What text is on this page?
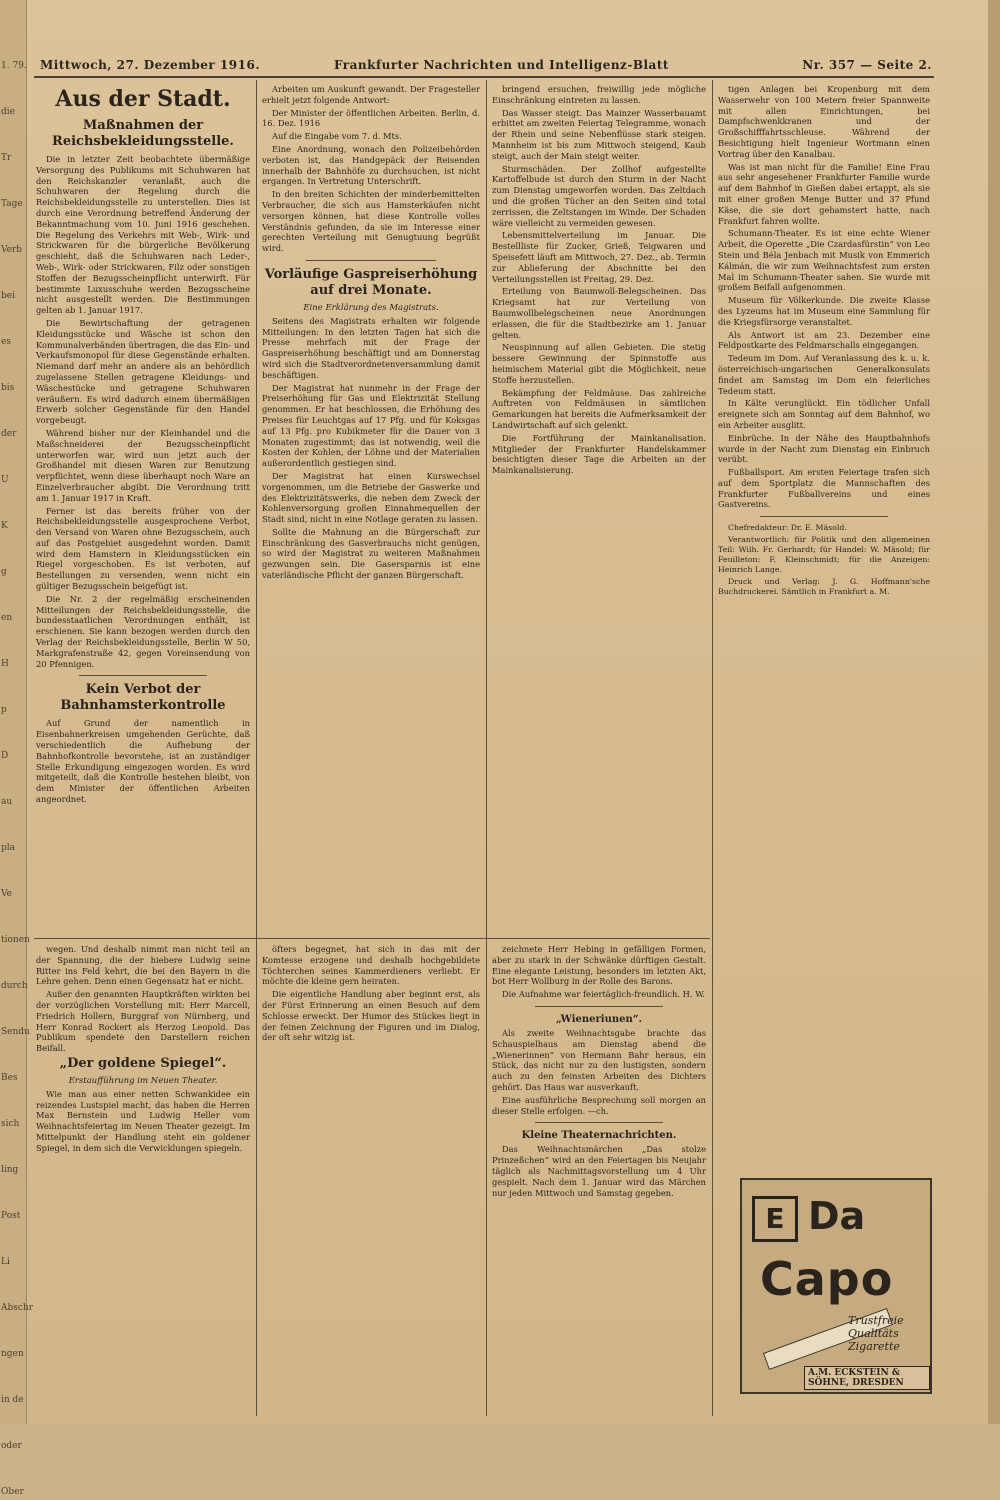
1. 79.
die
Tr
Tage
Verb
bei
es
bis
der
U
K
g
en
H
p
D
au
pla
Ve
tionen
durch
Sendu
Bes
sich
ling
Post
Li
Abschr
ngen
in de
oder
Ober
Mittwoch, 27. Dezember 1916.	Frankfurter Nachrichten und Intelligenz-Blatt	Nr. 357 — Seite 2.
Aus der Stadt.
Maßnahmen der Reichsbekleidungsstelle.

Die in letzter Zeit beobachtete übermäßige Versorgung des Publikums mit Schuhwaren hat den Reichskanzler veranlaßt, auch die Schuhwaren der Regelung durch die Reichsbekleidungsstelle zu unterstellen. Dies ist durch eine Verordnung betreffend Änderung der Bekanntmachung vom 10. Juni 1916 geschehen. Die Regelung des Verkehrs mit Web-, Wirk- und Strickwaren für die bürgerliche Bevölkerung geschieht, daß die Schuhwaren nach Leder-, Web-, Wirk- oder Strickwaren, Filz oder sonstigen Stoffen der Bezugsscheinpflicht unterwirft. Für bestimmte Luxusschuhe werden Bezugsscheine nicht ausgestellt werden. Die Bestimmungen gelten ab 1. Januar 1917.

Die Bewirtschaftung der getragenen Kleidungsstücke und Wäsche ist schon den Kommunalverbänden übertragen, die das Ein- und Verkaufsmonopol für diese Gegenstände erhalten. Niemand darf mehr an andere als an behördlich zugelassene Stellen getragene Kleidungs- und Wäschestücke und getragene Schuhwaren veräußern. Es wird dadurch einem übermäßigen Erwerb solcher Gegenstände für den Handel vorgebeugt.

Während bisher nur der Kleinhandel und die Maßschneiderei der Bezugsscheinpflicht unterworfen war, wird nun jetzt auch der Großhandel mit diesen Waren zur Benutzung verpflichtet, wenn diese überhaupt noch Ware an Einzelverbraucher abgibt. Die Verordnung tritt am 1. Januar 1917 in Kraft.

Ferner ist das bereits früher von der Reichsbekleidungsstelle ausgesprochene Verbot, den Versand von Waren ohne Bezugsschein, auch auf das Postgebiet ausgedehnt worden. Damit wird dem Hamstern in Kleidungsstücken ein Riegel vorgeschoben. Es ist verboten, auf Bestellungen zu versenden, wenn nicht ein gültiger Bezugsschein beigefügt ist.

Die Nr. 2 der regelmäßig erscheinenden Mitteilungen der Reichsbekleidungsstelle, die bundesstaatlichen Verordnungen enthält, ist erschienen. Sie kann bezogen werden durch den Verlag der Reichsbekleidungsstelle, Berlin W 50, Markgrafenstraße 42, gegen Voreinsendung von 20 Pfennigen.

Kein Verbot der Bahnhamsterkontrolle

Auf Grund der namentlich in Eisenbahnerkreisen umgehenden Gerüchte, daß verschiedentlich die Aufhebung der Bahnhofkontrolle bevorstehe, ist an zuständiger Stelle Erkundigung eingezogen worden. Es wird mitgeteilt, daß die Kontrolle bestehen bleibt, von dem Minister der öffentlichen Arbeiten angeordnet.

Arbeiten um Auskunft gewandt. Der Fragesteller erhielt jetzt folgende Antwort:

Der Minister der öffentlichen Arbeiten. Berlin, d. 16. Dez. 1916

Auf die Eingabe vom 7. d. Mts.

Eine Anordnung, wonach den Polizeibehörden verboten ist, das Handgepäck der Reisenden innerhalb der Bahnhöfe zu durchsuchen, ist nicht ergangen. In Vertretung Unterschrift.

In den breiten Schichten der minderbemittelten Verbraucher, die sich aus Hamsterkäufen nicht versorgen können, hat diese Kontrolle volles Verständnis gefunden, da sie im Interesse einer gerechten Verteilung mit Genugtuung begrüßt wird.

Vorläufige Gaspreiserhöhung auf drei Monate.
Eine Erklärung des Magistrats.

Seitens des Magistrats erhalten wir folgende Mitteilungen: In den letzten Tagen hat sich die Presse mehrfach mit der Frage der Gaspreiserhöhung beschäftigt und am Donnerstag wird sich die Stadtverordnetenversammlung damit beschäftigen.

Der Magistrat hat nunmehr in der Frage der Preiserhöhung für Gas und Elektrizität Stellung genommen. Er hat beschlossen, die Erhöhung des Preises für Leuchtgas auf 17 Pfg. und für Koksgas auf 13 Pfg. pro Kubikmeter für die Dauer von 3 Monaten zugestimmt; das ist notwendig, weil die Kosten der Kohlen, der Löhne und der Materialien außerordentlich gestiegen sind.

Der Magistrat hat einen Kurswechsel vorgenommen, um die Betriebe der Gaswerke und des Elektrizitätswerks, die neben dem Zweck der Kohlenversorgung großen Einnahmequellen der Stadt sind, nicht in eine Notlage geraten zu lassen.

Sollte die Mahnung an die Bürgerschaft zur Einschränkung des Gasverbrauchs nicht genügen, so wird der Magistrat zu weiteren Maßnahmen gezwungen sein. Die Gasersparnis ist eine vaterländische Pflicht der ganzen Bürgerschaft.

bringend ersuchen, freiwillig jede mögliche Einschränkung eintreten zu lassen.

Das Wasser steigt. Das Mainzer Wasserbauamt erbittet am zweiten Feiertag Telegramme, wonach der Rhein und seine Nebenflüsse stark steigen. Mannheim ist bis zum Mittwoch steigend, Kaub steigt, auch der Main steigt weiter.

Sturmschäden. Der Zollhof aufgestellte Kartoffelbude ist durch den Sturm in der Nacht zum Dienstag umgeworfen worden. Das Zeltdach und die großen Tücher an den Seiten sind total zerrissen, die Zeltstangen im Winde. Der Schaden wäre vielleicht zu vermeiden gewesen.

Lebensmittelverteilung im Januar. Die Bestellliste für Zucker, Grieß, Teigwaren und Speisefett läuft am Mittwoch, 27. Dez., ab. Termin zur Ablieferung der Abschnitte bei den Verteilungsstellen ist Freitag, 29. Dez.

Erteilung von Baumwoll-Belegscheinen. Das Kriegsamt hat zur Verteilung von Baumwollbelegscheinen neue Anordnungen erlassen, die für die Stadtbezirke am 1. Januar gelten.

Neuspinnung auf allen Gebieten. Die stetig bessere Gewinnung der Spinnstoffe aus heimischem Material gibt die Möglichkeit, neue Stoffe herzustellen.

Bekämpfung der Feldmäuse. Das zahlreiche Auftreten von Feldmäusen in sämtlichen Gemarkungen hat bereits die Aufmerksamkeit der Landwirtschaft auf sich gelenkt.

Die Fortführung der Mainkanalisation. Mitglieder der Frankfurter Handelskammer besichtigten dieser Tage die Arbeiten an der Mainkanalisierung.

tigen Anlagen bei Kropenburg mit dem Wasserwehr von 100 Metern freier Spannweite mit allen Einrichtungen, bei Dampfschwenkkranen und der Großschifffahrtsschleuse. Während der Besichtigung hielt Ingenieur Wortmann einen Vortrag über den Kanalbau.

Was ist man nicht für die Familie! Eine Frau aus sehr angesehener Frankfurter Familie wurde auf dem Bahnhof in Gießen dabei ertappt, als sie mit einer großen Menge Butter und 37 Pfund Käse, die sie dort gehamstert hatte, nach Frankfurt fahren wollte.

Schumann-Theater. Es ist eine echte Wiener Arbeit, die Operette „Die Czardasfürstin“ von Leo Stein und Béla Jenbach mit Musik von Emmerich Kálmán, die wir zum Weihnachtsfest zum ersten Mal im Schumann-Theater sahen. Sie wurde mit großem Beifall aufgenommen.

Museum für Völkerkunde. Die zweite Klasse des Lyzeums hat im Museum eine Sammlung für die Kriegsfürsorge veranstaltet.

Als Antwort ist am 23. Dezember eine Feldpostkarte des Feldmarschalls eingegangen.

Tedeum im Dom. Auf Veranlassung des k. u. k. österreichisch-ungarischen Generalkonsulats findet am Samstag im Dom ein feierliches Tedeum statt.

In Kälte verunglückt. Ein tödlicher Unfall ereignete sich am Sonntag auf dem Bahnhof, wo ein Arbeiter ausglitt.

Einbrüche. In der Nähe des Hauptbahnhofs wurde in der Nacht zum Dienstag ein Einbruch verübt.

Fußballsport. Am ersten Feiertage trafen sich auf dem Sportplatz die Mannschaften des Frankfurter Fußballvereins und eines Gastvereins.

Chefredakteur: Dr. E. Mäsold.

Verantwortlich: für Politik und den allgemeinen Teil: Wilh. Fr. Gerhardt; für Handel: W. Mäsold; für Feuilleton: F. Kleinschmidt; für die Anzeigen: Heinrich Lange.

Druck und Verlag: J. G. Hoffmann'sche Buchdruckerei. Sämtlich in Frankfurt a. M.

wegen. Und deshalb nimmt man nicht teil an der Spannung, die der hiebere Ludwig seine Ritter ins Feld kehrt, die bei den Bayern in die Lehre gehen. Denn einen Gegensatz hat er nicht.

Außer den genannten Hauptkräften wirkten bei der vorzüglichen Vorstellung mit: Herr Marcell, Friedrich Hollern, Burggraf von Nürnberg, und Herr Konrad Rockert als Herzog Leopold. Das Publikum spendete den Darstellern reichen Beifall.

„Der goldene Spiegel“.
Erstaufführung im Neuen Theater.

Wie man aus einer netten Schwankidee ein reizendes Lustspiel macht, das haben die Herren Max Bernstein und Ludwig Heller vom Weihnachtsfeiertag im Neuen Theater gezeigt. Im Mittelpunkt der Handlung steht ein goldener Spiegel, in dem sich die Verwicklungen spiegeln.

öfters begegnet, hat sich in das mit der Komtesse erzogene und deshalb hochgebildete Töchterchen seines Kammerdieners verliebt. Er möchte die kleine gern heiraten.

Die eigentliche Handlung aber beginnt erst, als der Fürst Erinnerung an einen Besuch auf dem Schlosse erweckt. Der Humor des Stückes liegt in der feinen Zeichnung der Figuren und im Dialog, der oft sehr witzig ist.

zeichnete Herr Hebing in gefälligen Formen, aber zu stark in der Schwänke dürftigen Gestalt. Eine elegante Leistung, besonders im letzten Akt, bot Herr Wollburg in der Rolle des Barons.

Die Aufnahme war feiertäglich-freundlich. H. W.

„Wieneriunen“.

Als zweite Weihnachtsgabe brachte das Schauspielhaus am Dienstag abend die „Wienerinnen“ von Hermann Bahr heraus, ein Stück, das nicht nur zu den lustigsten, sondern auch zu den feinsten Arbeiten des Dichters gehört. Das Haus war ausverkauft.

Eine ausführliche Besprechung soll morgen an dieser Stelle erfolgen. —ch.

Kleine Theaternachrichten.

Das Weihnachtsmärchen „Das stolze Prinzeßchen“ wird an den Feiertagen bis Neujahr täglich als Nachmittagsvorstellung um 4 Uhr gespielt. Nach dem 1. Januar wird das Märchen nur jeden Mittwoch und Samstag gegeben.

E Da
Capo
Trustfreie Qualitäts Zigarette
A.M. ECKSTEIN & SÖHNE, DRESDEN
